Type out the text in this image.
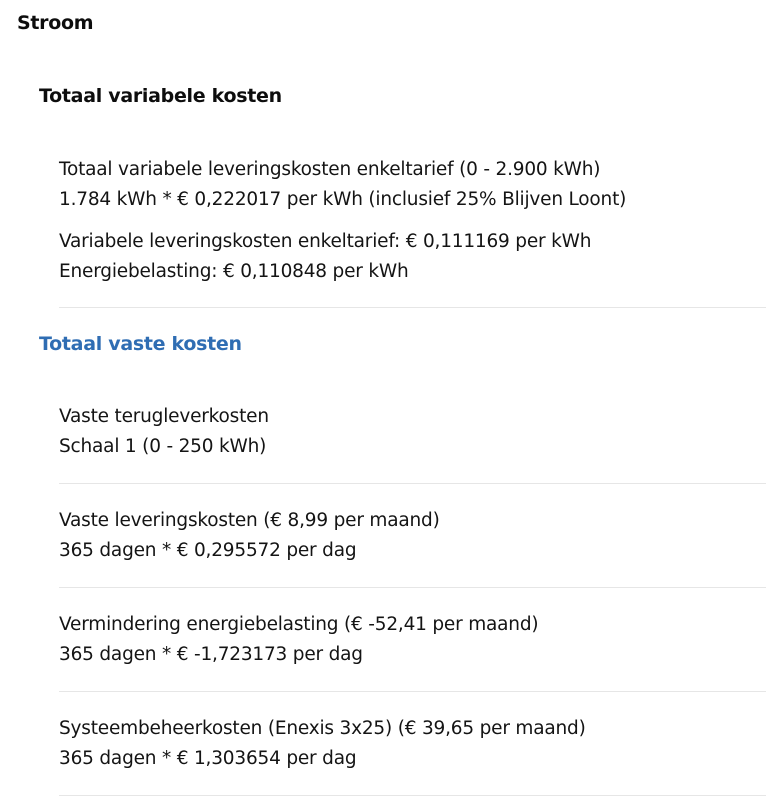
Stroom
Totaal variabele kosten
Totaal variabele leveringskosten enkeltarief (0 - 2.900 kWh)
1.784 kWh * € 0,222017 per kWh (inclusief 25% Blijven Loont)
Variabele leveringskosten enkeltarief: € 0,111169 per kWh
Energiebelasting: € 0,110848 per kWh
Totaal vaste kosten
Vaste terugleverkosten
Schaal 1 (0 - 250 kWh)
Vaste leveringskosten (€ 8,99 per maand)
365 dagen * € 0,295572 per dag
Vermindering energiebelasting (€ -52,41 per maand)
365 dagen * € -1,723173 per dag
Systeembeheerkosten (Enexis 3x25) (€ 39,65 per maand)
365 dagen * € 1,303654 per dag
